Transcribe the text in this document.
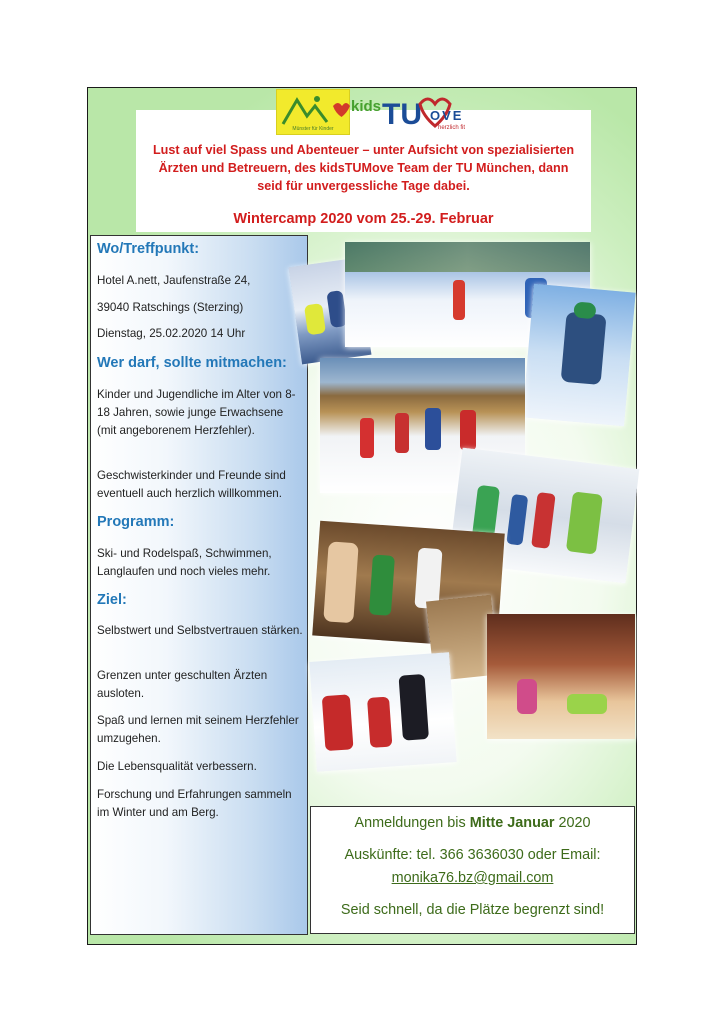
Münster für Kinder
kids TU OVE
herzlich fit
Lust auf viel Spass und Abenteuer – unter Aufsicht von spezialisierten
Ärzten und Betreuern, des kidsTUMove Team der TU München, dann
seid für unvergessliche Tage dabei.
Wintercamp 2020 vom 25.-29. Februar
Wo/Treffpunkt:
Hotel A.nett, Jaufenstraße 24,
39040 Ratschings (Sterzing)
Dienstag, 25.02.2020 14 Uhr
Wer darf, sollte mitmachen:
Kinder und Jugendliche im Alter von 8-18 Jahren, sowie junge Erwachsene (mit angeborenem Herzfehler).
Geschwisterkinder und Freunde sind eventuell auch herzlich willkommen.
Programm:
Ski- und Rodelspaß, Schwimmen, Langlaufen und noch vieles mehr.
Ziel:
Selbstwert und Selbstvertrauen stärken.
Grenzen unter geschulten Ärzten ausloten.
Spaß und lernen mit seinem Herzfehler umzugehen.
Die Lebensqualität verbessern.
Forschung und Erfahrungen sammeln im Winter und am Berg.
Anmeldungen bis Mitte Januar 2020
Auskünfte: tel. 366 3636030 oder Email:
monika76.bz@gmail.com
Seid schnell, da die Plätze begrenzt sind!
